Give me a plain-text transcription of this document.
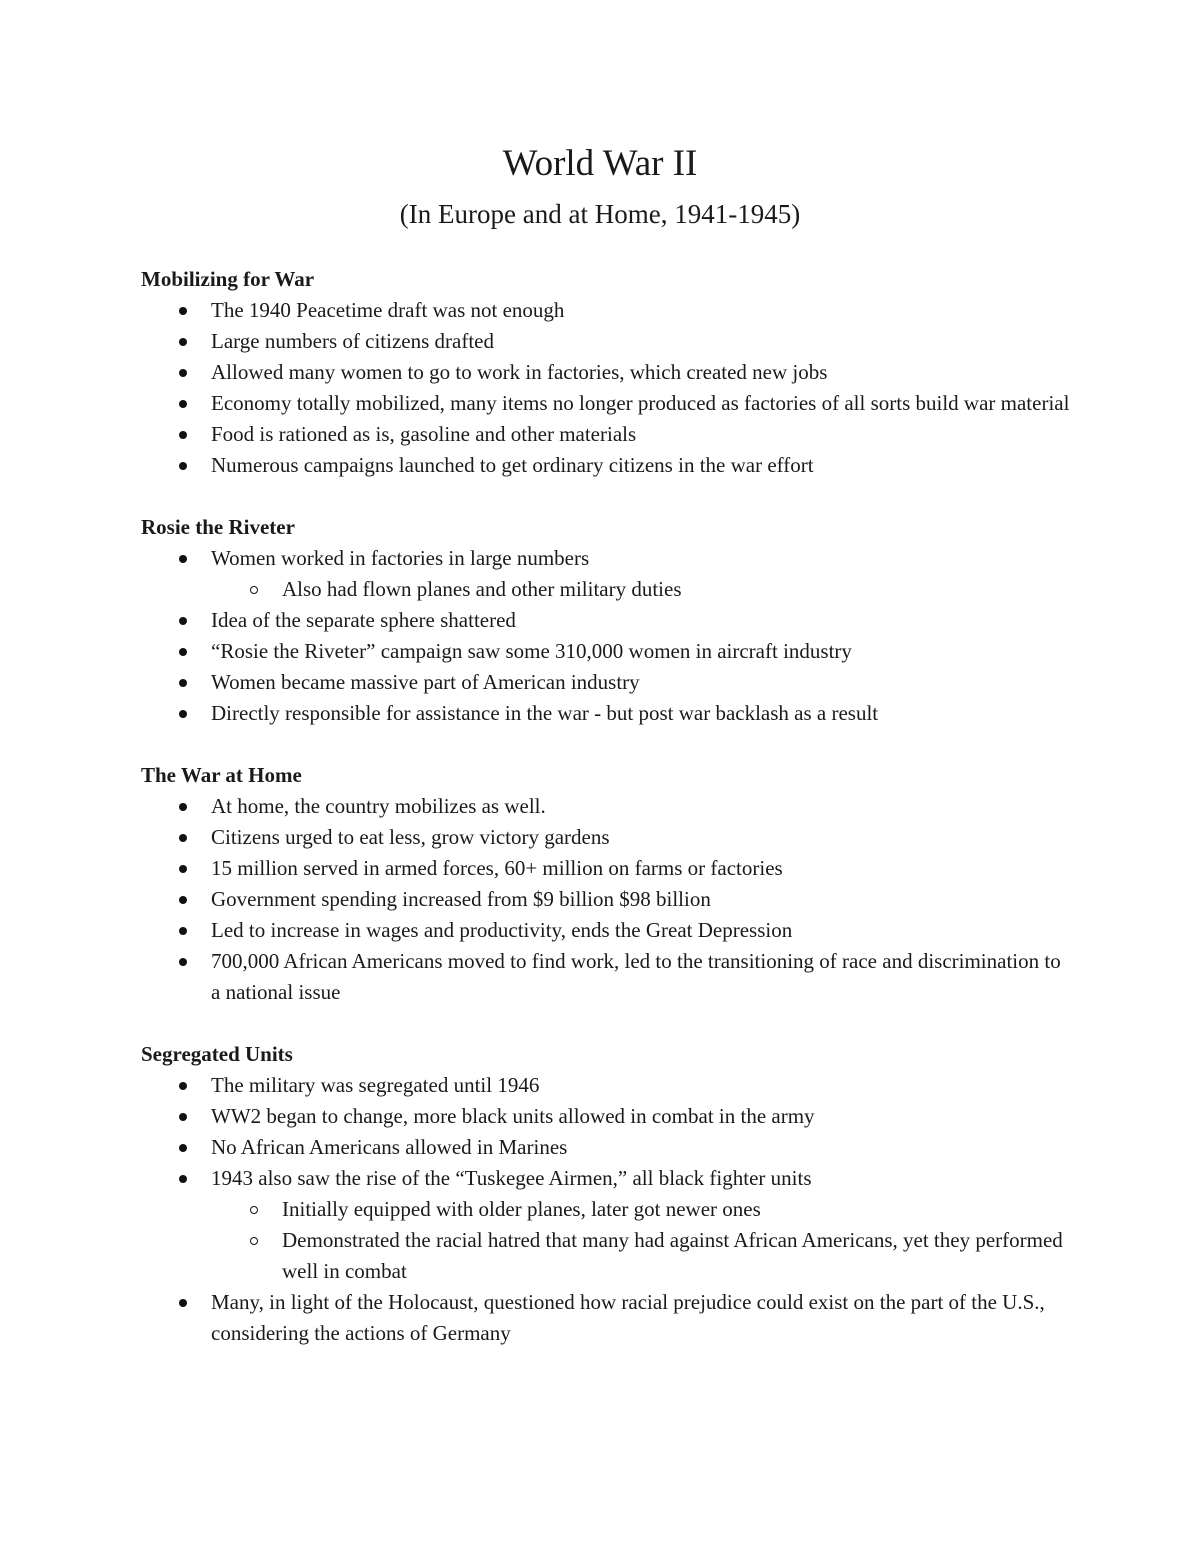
World War II
(In Europe and at Home, 1941-1945)
Mobilizing for War
The 1940 Peacetime draft was not enough
Large numbers of citizens drafted
Allowed many women to go to work in factories, which created new jobs
Economy totally mobilized, many items no longer produced as factories of all sorts build war material
Food is rationed as is, gasoline and other materials
Numerous campaigns launched to get ordinary citizens in the war effort
Rosie the Riveter
Women worked in factories in large numbers
Also had flown planes and other military duties
Idea of the separate sphere shattered
“Rosie the Riveter” campaign saw some 310,000 women in aircraft industry
Women became massive part of American industry
Directly responsible for assistance in the war - but post war backlash as a result
The War at Home
At home, the country mobilizes as well.
Citizens urged to eat less, grow victory gardens
15 million served in armed forces, 60+ million on farms or factories
Government spending increased from $9 billion $98 billion
Led to increase in wages and productivity, ends the Great Depression
700,000 African Americans moved to find work, led to the transitioning of race and discrimination to a national issue
Segregated Units
The military was segregated until 1946
WW2 began to change, more black units allowed in combat in the army
No African Americans allowed in Marines
1943 also saw the rise of the “Tuskegee Airmen,” all black fighter units
Initially equipped with older planes, later got newer ones
Demonstrated the racial hatred that many had against African Americans, yet they performed well in combat
Many, in light of the Holocaust, questioned how racial prejudice could exist on the part of the U.S., considering the actions of Germany
